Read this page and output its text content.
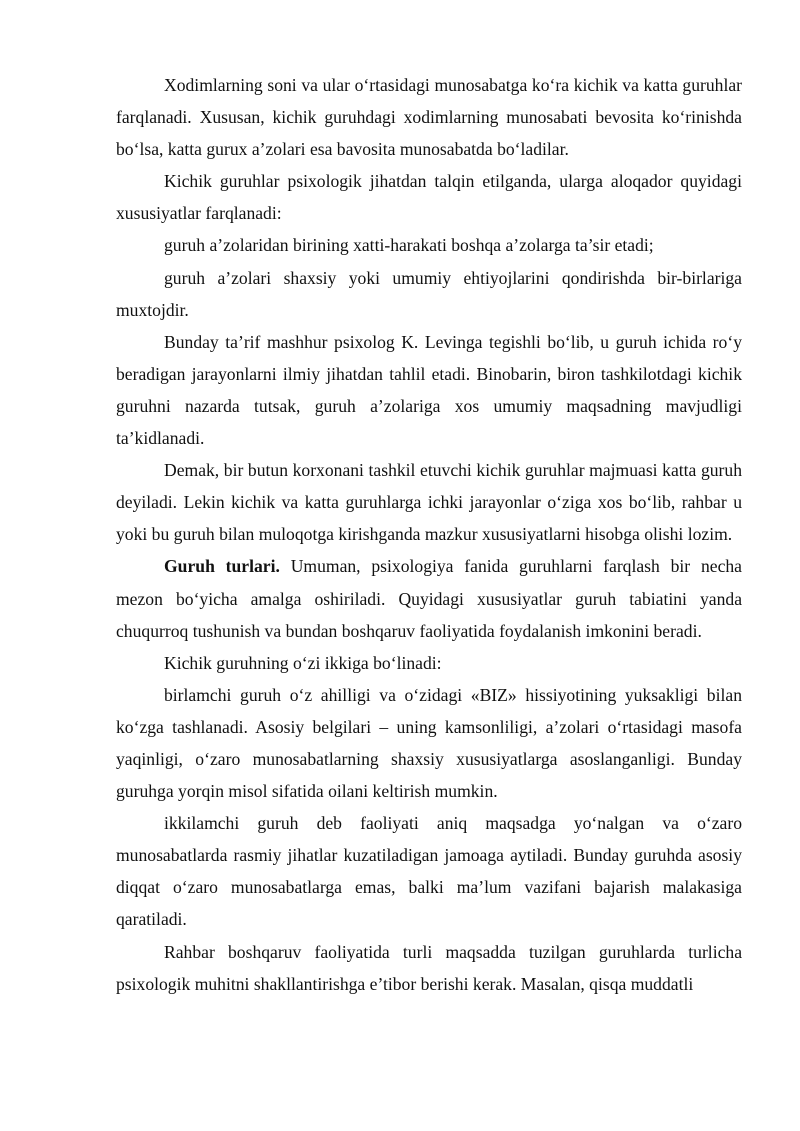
Xodimlarning soni va ular o‘rtasidagi munosabatga ko‘ra kichik va katta guruhlar farqlanadi. Xususan, kichik guruhdagi xodimlarning munosabati bevosita ko‘rinishda bo‘lsa, katta gurux a’zolari esa bavosita munosabatda bo‘ladilar.

Kichik guruhlar psixologik jihatdan talqin etilganda, ularga aloqador quyidagi xususiyatlar farqlanadi:

guruh a’zolaridan birining xatti-harakati boshqa a’zolarga ta’sir etadi;

guruh a’zolari shaxsiy yoki umumiy ehtiyojlarini qondirishda bir-birlariga muxtojdir.

Bunday ta’rif mashhur psixolog K. Levinga tegishli bo‘lib, u guruh ichida ro‘y beradigan jarayonlarni ilmiy jihatdan tahlil etadi. Binobarin, biron tashkilotdagi kichik guruhni nazarda tutsak, guruh a’zolariga xos umumiy maqsadning mavjudligi ta’kidlanadi.

Demak, bir butun korxonani tashkil etuvchi kichik guruhlar majmuasi katta guruh deyiladi. Lekin kichik va katta guruhlarga ichki jarayonlar o‘ziga xos bo‘lib, rahbar u yoki bu guruh bilan muloqotga kirishganda mazkur xususiyatlarni hisobga olishi lozim.

Guruh turlari. Umuman, psixologiya fanida guruhlarni farqlash bir necha mezon bo‘yicha amalga oshiriladi. Quyidagi xususiyatlar guruh tabiatini yanda chuqurroq tushunish va bundan boshqaruv faoliyatida foydalanish imkonini beradi.

Kichik guruhning o‘zi ikkiga bo‘linadi:

birlamchi guruh o‘z ahilligi va o‘zidagi «BIZ» hissiyotining yuksakligi bilan ko‘zga tashlanadi. Asosiy belgilari – uning kamsonliligi, a’zolari o‘rtasidagi masofa yaqinligi, o‘zaro munosabatlarning shaxsiy xususiyatlarga asoslanganligi. Bunday guruhga yorqin misol sifatida oilani keltirish mumkin.

ikkilamchi guruh deb faoliyati aniq maqsadga yo‘nalgan va o‘zaro munosabatlarda rasmiy jihatlar kuzatiladigan jamoaga aytiladi. Bunday guruhda asosiy diqqat o‘zaro munosabatlarga emas, balki ma’lum vazifani bajarish malakasiga qaratiladi.

Rahbar boshqaruv faoliyatida turli maqsadda tuzilgan guruhlarda turlicha psixologik muhitni shakllantirishga e’tibor berishi kerak. Masalan, qisqa muddatli
